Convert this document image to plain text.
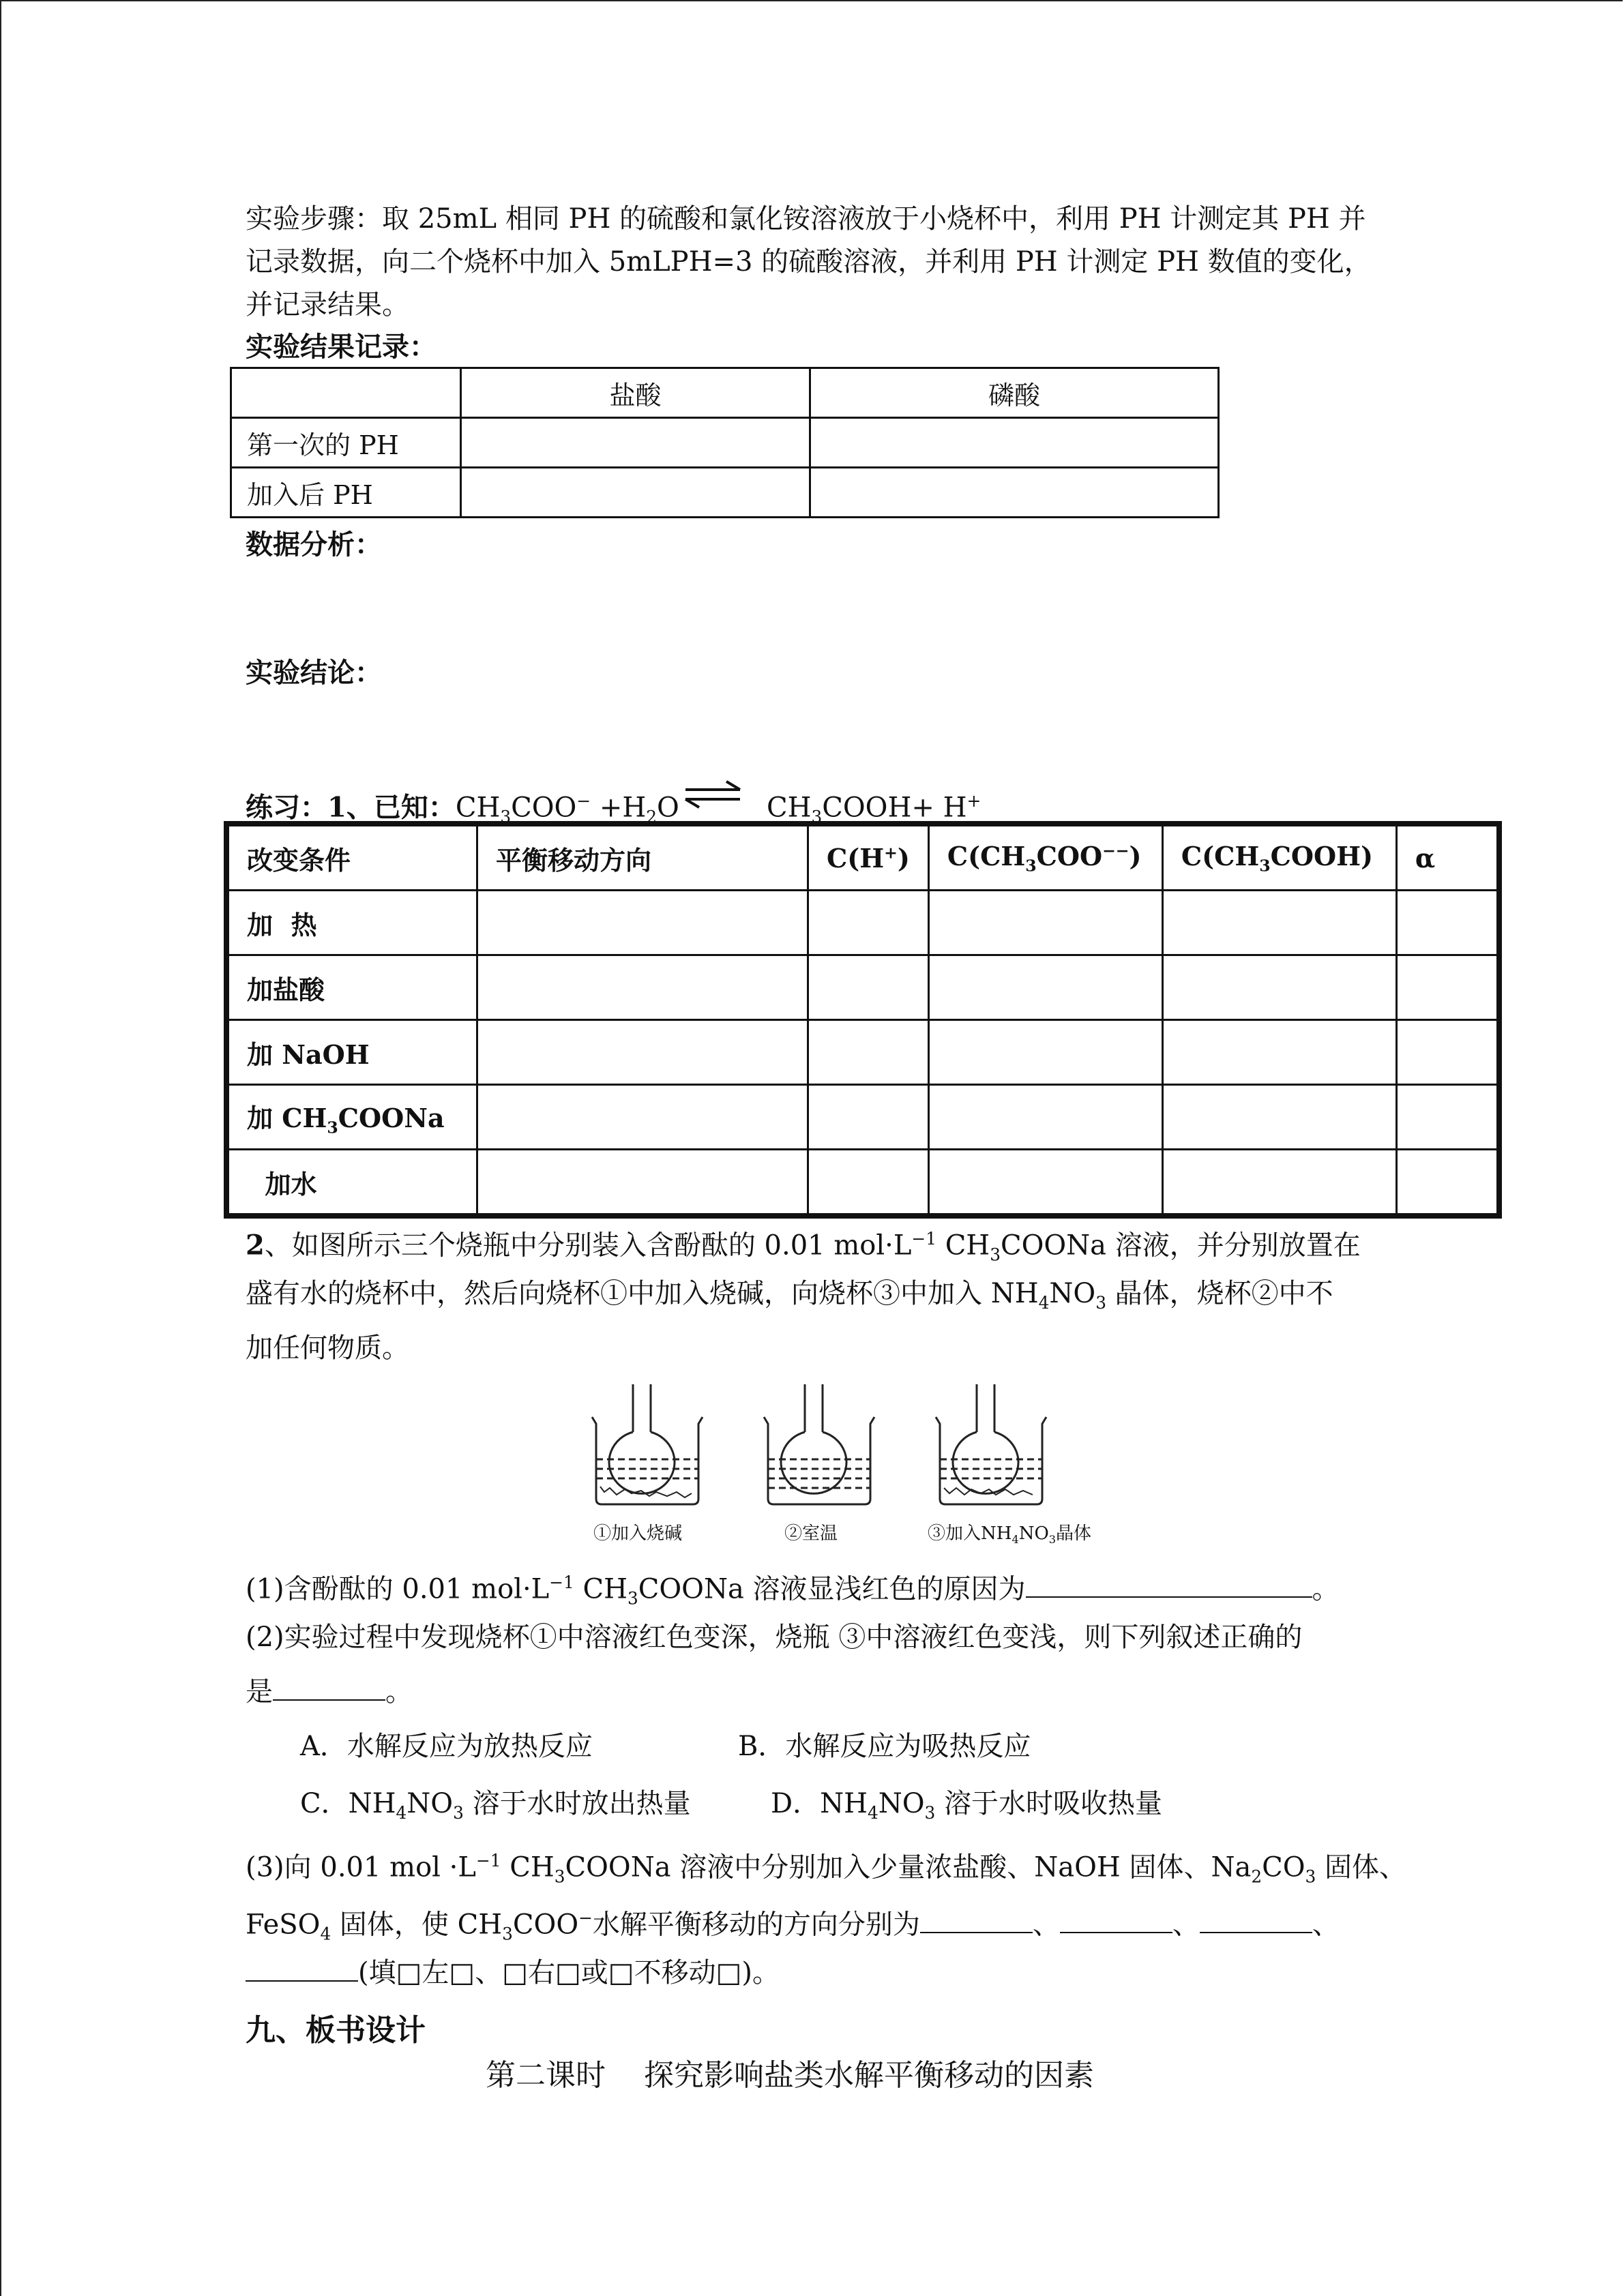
实验步骤：取 25mL 相同 PH 的硫酸和氯化铵溶液放于小烧杯中，利用 PH 计测定其 PH 并
记录数据，向二个烧杯中加入 5mLPH=3 的硫酸溶液，并利用 PH 计测定 PH 数值的变化，
并记录结果。
实验结果记录：
	盐酸	磷酸
第一次的 PH		
加入后 PH		
数据分析：
实验结论：
练习：1、已知：$CH_3COO^- +H_2O$	$CH_3COOH+ H^+$
改变条件	平衡移动方向	C(H+)	$C(CH_3COO^{--})$	$C(CH_3COOH)$	α
加  热					
加盐酸					
加 NaOH					
加 $CH_3COONa$					
加水					
2、如图所示三个烧瓶中分别装入含酚酞的 0.01 $mol\cdot L^{-1}$ $CH_3COONa$ 溶液，并分别放置在
盛有水的烧杯中，然后向烧杯①中加入烧碱，向烧杯③中加入 $NH_4NO_3$ 晶体，烧杯②中不
加任何物质。
①加入烧碱	②室温	③加入$NH_4NO_3$晶体
(1)含酚酞的 0.01 $mol\cdot L^{-1}$ $CH_3COONa$ 溶液显浅红色的原因为	。
(2)实验过程中发现烧杯①中溶液红色变深，烧瓶 ③中溶液红色变浅，则下列叙述正确的
是	。
A．水解反应为放热反应	B．水解反应为吸热反应
C．$NH_4NO_3$ 溶于水时放出热量	D．$NH_4NO_3$ 溶于水时吸收热量
(3)向 0.01 mol $\cdot L^{-1}$ $CH_3COONa$ 溶液中分别加入少量浓盐酸、NaOH 固体、$Na_2CO_3$ 固体、
FeSO$_4$ 固体，使 $CH_3COO^-$水解平衡移动的方向分别为	、	、	、
(填□左□、□右□或□不移动□)。
九、板书设计
第二课时    探究影响盐类水解平衡移动的因素
